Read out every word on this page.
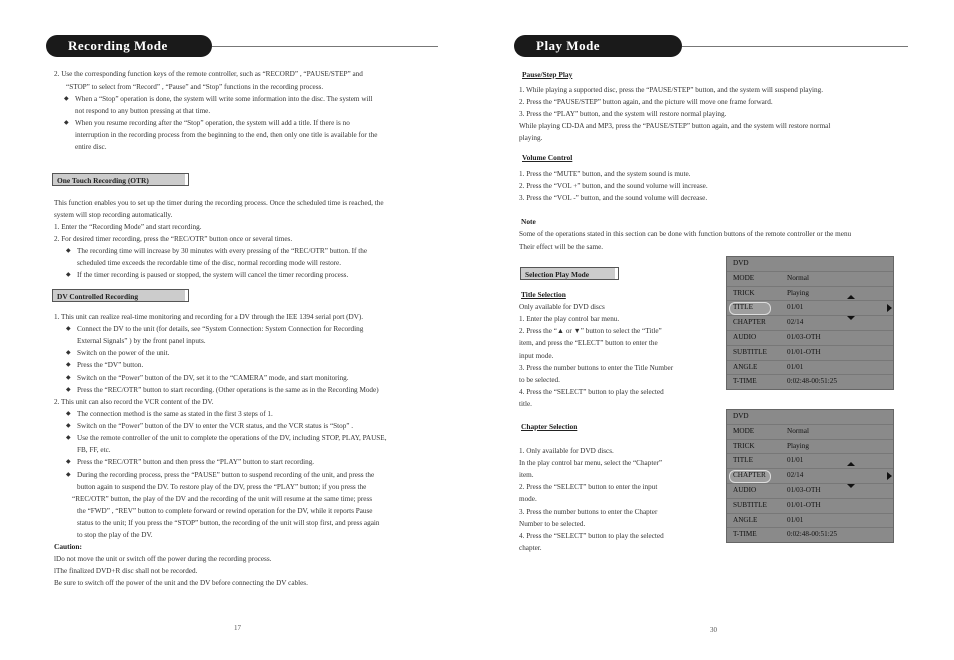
Recording Mode
2. Use the corresponding function keys of the remote controller, such as “RECORD” , “PAUSE/STEP” and
“STOP” to select from “Record” , “Pause” and “Stop” functions in the recording process.
◆ When a “Stop” operation is done, the system will write some information into the disc. The system will
not respond to any button pressing at that time.
◆ When you resume recording after the “Stop” operation, the system will add a title. If there is no
interruption in the recording process from the beginning to the end, then only one title is available for the
entire disc.
One Touch Recording (OTR)
This function enables you to set up the timer during the recording process. Once the scheduled time is reached, the
system will stop recording automatically.
1. Enter the “Recording Mode” and start recording.
2. For desired timer recording, press the “REC/OTR” button once or several times.
◆ The recording time will increase by 30 minutes with every pressing of the “REC/OTR” button. If the
scheduled time exceeds the recordable time of the disc, normal recording mode will restore.
◆ If the timer recording is paused or stopped, the system will cancel the timer recording process.
DV Controlled Recording
1. This unit can realize real-time monitoring and recording for a DV through the IEE 1394 serial port (DV).
◆ Connect the DV to the unit (for details, see “System Connection: System Connection for Recording
External Signals” ) by the front panel inputs.
◆ Switch on the power of the unit.
◆ Press the “DV” button.
◆ Switch on the “Power” button of the DV, set it to the “CAMERA” mode, and start monitoring.
◆ Press the “REC/OTR” button to start recording. (Other operations is the same as in the Recording Mode)
2. This unit can also record the VCR content of the DV.
◆ The connection method is the same as stated in the first 3 steps of 1.
◆ Switch on the “Power” button of the DV to enter the VCR status, and the VCR status is “Stop” .
◆ Use the remote controller of the unit to complete the operations of the DV, including STOP, PLAY, PAUSE,
FB, FF, etc.
◆ Press the “REC/OTR” button and then press the “PLAY” button to start recording.
◆ During the recording process, press the “PAUSE” button to suspend recording of the unit, and press the
button again to suspend the DV. To restore play of the DV, press the “PLAY” button; if you press the
“REC/OTR” button, the play of the DV and the recording of the unit will resume at the same time; press
the “FWD” , “REV” button to complete forward or rewind operation for the DV, while it reports Pause
status to the unit; If you press the “STOP” button, the recording of the unit will stop first, and press again
to stop the play of the DV.
Caution:
lDo not move the unit or switch off the power during the recording process.
lThe finalized DVD+R disc shall not be recorded.
Be sure to switch off the power of the unit and the DV before connecting the DV cables.
17
Play Mode
Pause/Step Play
1. While playing a supported disc, press the “PAUSE/STEP” button, and the system will suspend playing.
2. Press the “PAUSE/STEP” button again, and the picture will move one frame forward.
3. Press the “PLAY” button, and the system will restore normal playing.
While playing CD-DA and MP3, press the “PAUSE/STEP” button again, and the system will restore normal
playing.
Volume Control
1. Press the “MUTE” button, and the system sound is mute.
2. Press the “VOL +” button, and the sound volume will increase.
3. Press the “VOL -” button, and the sound volume will decrease.
Note
Some of the operations stated in this section can be done with function buttons of the remote controller or the menu
Their effect will be the same.
Selection Play Mode
Title Selection
Only available for DVD discs
1. Enter the play control bar menu.
2. Press the “▲ or ▼” button to select the “Title”
item, and press the “ELECT” button to enter the
input mode.
3. Press the number buttons to enter the Title Number
to be selected.
4. Press the “SELECT” button to play the selected
title.
Chapter Selection
1. Only available for DVD discs.
In the play control bar menu, select the “Chapter”
item.
2. Press the “SELECT” button to enter the input
mode.
3. Press the number buttons to enter the Chapter
Number to be selected.
4. Press the “SELECT” button to play the selected
chapter.
DVD
MODE	Normal
TRICK	Playing
TITLE	01/01
CHAPTER	02/14
AUDIO	01/03-OTH
SUBTITLE	01/01-OTH
ANGLE	01/01
T-TIME	0:02:48-00:51:25
DVD
MODE	Normal
TRICK	Playing
TITLE	01/01
CHAPTER	02/14
AUDIO	01/03-OTH
SUBTITLE	01/01-OTH
ANGLE	01/01
T-TIME	0:02:48-00:51:25
30
